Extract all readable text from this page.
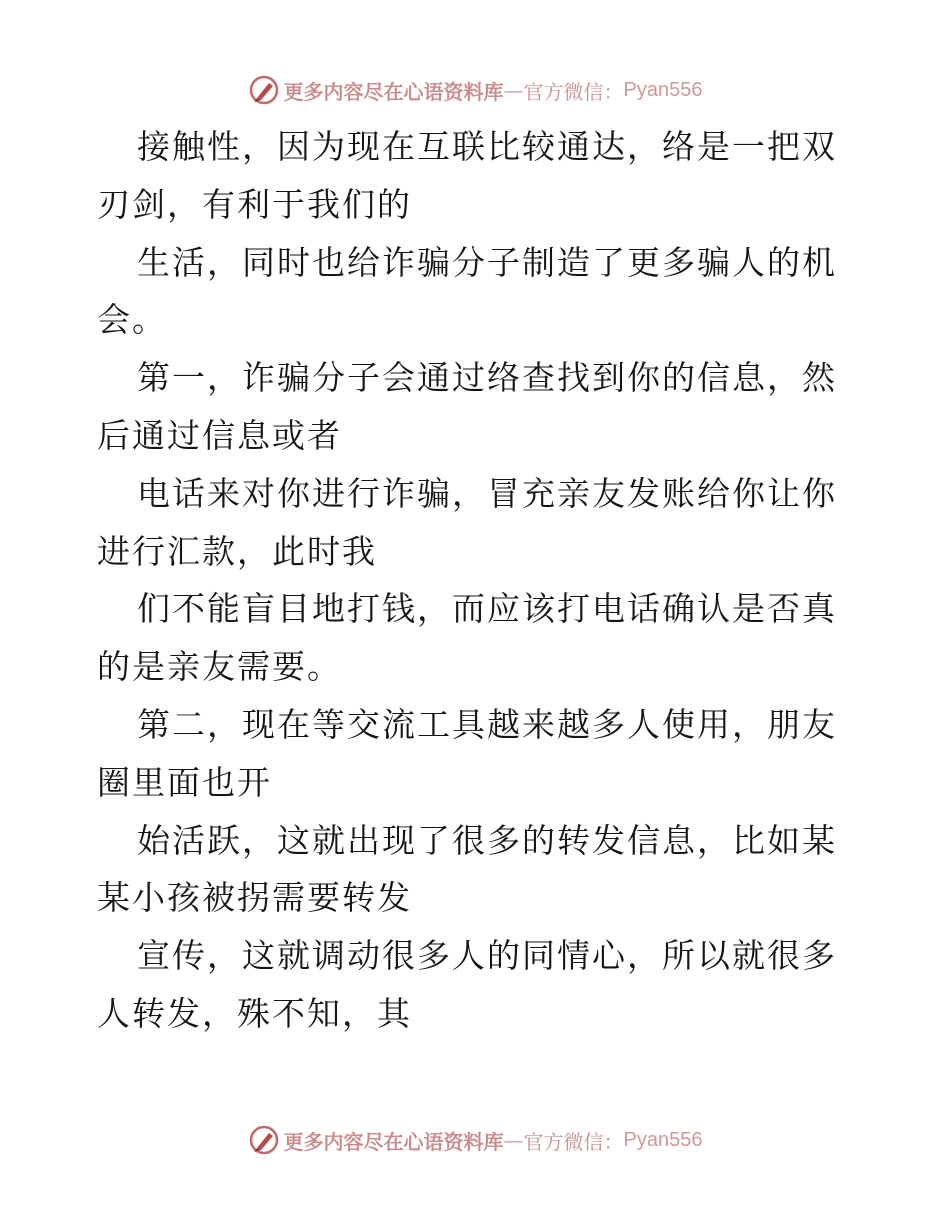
更多内容尽在心语资料库 — 官方微信： Pyan556

接触性，因为现在互联比较通达，络是一把双刃剑，有利于我们的

生活，同时也给诈骗分子制造了更多骗人的机会。

第一，诈骗分子会通过络查找到你的信息，然后通过信息或者

电话来对你进行诈骗，冒充亲友发账给你让你进行汇款，此时我

们不能盲目地打钱，而应该打电话确认是否真的是亲友需要。

第二，现在等交流工具越来越多人使用，朋友圈里面也开

始活跃，这就出现了很多的转发信息，比如某某小孩被拐需要转发

宣传，这就调动很多人的同情心，所以就很多人转发，殊不知，其

更多内容尽在心语资料库 — 官方微信： Pyan556
